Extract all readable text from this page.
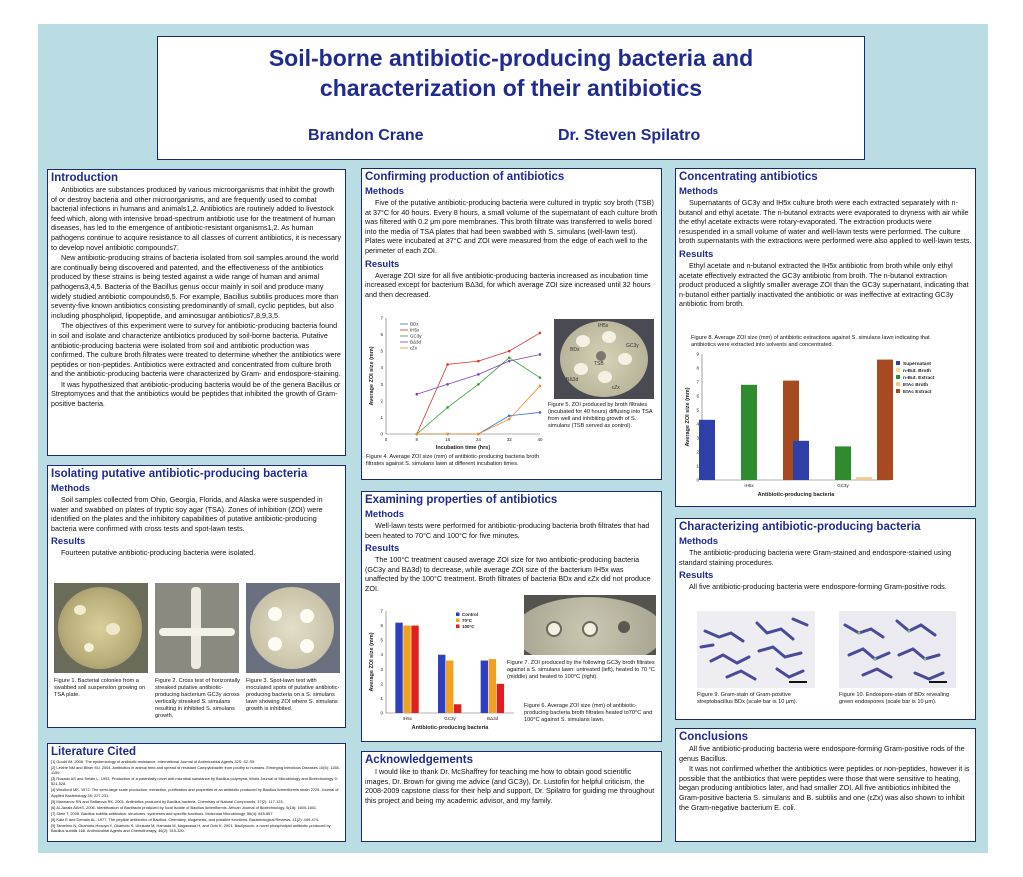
Soil-borne antibiotic-producing bacteria and
characterization of their antibiotics
Brandon Crane	Dr. Steven Spilatro
Introduction
Antibiotics are substances produced by various microorganisms that inhibit the growth of or destroy bacteria and other microorganisms, and are frequently used to combat bacterial infections in humans and animals1,2. Antibiotics are routinely added to livestock feed which, along with intensive broad-spectrum antibiotic use for the treatment of human diseases, has led to the emergence of antibiotic-resistant organisms1,2. As human pathogens continue to acquire resistance to all classes of current antibiotics, it is necessary to develop novel antibiotic compounds7.
New antibiotic-producing strains of bacteria isolated from soil samples around the world are continually being discovered and patented, and the effectiveness of the antibiotics produced by these strains is being tested against a wide range of human and animal pathogens3,4,5. Bacteria of the Bacillus genus occur mainly in soil and produce many widely studied antibiotic compounds6,5. For example, Bacillus subtilis produces more than seventy-five known antibiotics consisting predominantly of small, cyclic peptides, but also including phospholipid, lipopeptide, and aminosugar antibiotics7,8,9,3,5.
The objectives of this experiment were to survey for antibiotic-producing bacteria found in soil and isolate and characterize antibiotics produced by soil-borne bacteria. Putative antibiotic-producing bacteria were isolated from soil and antibiotic production was confirmed. The culture broth filtrates were treated to determine whether the antibiotics were peptides or non-peptides. Antibiotics were extracted and concentrated from culture broth and the antibiotic-producing bacteria were characterized by Gram- and endospore-staining.
It was hypothesized that antibiotic-producing bacteria would be of the genera Bacillus or Streptomyces and that the antibiotics would be peptides that inhibited the growth of Gram-positive bacteria.
Isolating putative antibiotic-producing bacteria
Methods
Soil samples collected from Ohio, Georgia, Florida, and Alaska were suspended in water and swabbed on plates of tryptic soy agar (TSA). Zones of inhibition (ZOI) were identified on the plates and the inhibitory capabilities of putative antibiotic-producing bacteria were confirmed with cross tests and spot-lawn tests.
Results
Fourteen putative antibiotic-producing bacteria were isolated.
Figure 1. Bacterial colonies from a swabbed soil suspension growing on TSA plate.
Figure 2. Cross test of horizontally streaked putative antibiotic-producing bacterium GC3y across vertically streaked S. simulans resulting in inhibited S. simulans growth.
Figure 3. Spot-lawn test with inoculated spots of putative antibiotic-producing bacteria on a S. simulans lawn showing ZOI where S. simulans growth is inhibited.
Literature Cited
[1] Gould IM. 2008. The epidemiology of antibiotic resistance. International Journal of Antimicrobial Agents 32S: S2-S9.
[2] Levine NM and Bliser MJ. 2004. Antibiotics in animal feed and spread of resistant Campylobacter from poultry to humans. Emerging Infectious Diseases 10(6): 1158-1159.
[3] Rosado AS and Seldin L. 1993. Production of a potentially novel anti-microbial substance by Bacillus polymyxa. World Journal of Microbiology and Biotechnology 9: 521-528.
[4] Woolford MK. 1972. The semi-large scale production, extraction, purification and properties of an antibiotic produced by Bacillus licheniformis strain 2725. Journal of Applied Bacteriology 35: 227-231.
[5] Mannanov RN and Sattarova RK. 2001. Antibiotics produced by Bacillus bacteria. Chemistry of Natural Compounds, 37(2): 117-123.
[6] Al-Janabi AAHS. 2006. Identification of Bacitracin produced by local isolate of Bacillus licheniformis. African Journal of Biotechnology, 5(18): 1600-1601.
[7] Stein T. 2005. Bacillus subtilis antibiotics: structures, syntheses and specific functions. Molecular Microbiology, 56(4): 845-857.
[8] Katz E and Demain AL. 1977. The peptide antibiotics of Bacillus: Chemistry, biogenesis, and possible functions. Bacteriological Reviews, 41(2): 449-474.
[9] Tamehiro N, Okamoto-Hosoya Y, Okamoto S, Ubukata M, Hamada M, Naganawa H, and Ochi K. 2001. Bacilysocin, a novel phospholipid antibiotic produced by Bacillus subtilis 168. Antimicrobial Agents and Chemotherapy, 46(2): 315-320.
Confirming production of antibiotics
Methods
Five of the putative antibiotic-producing bacteria were cultured in tryptic soy broth (TSB) at 37°C for 40 hours. Every 8 hours, a small volume of the supernatant of each culture broth was filtered with 0.2 μm pore membranes. This broth filtrate was transferred to wells bored into the media of TSA plates that had been swabbed with S. simulans (well-lawn test). Plates were incubated at 37°C and ZOI were measured from the edge of each well to the perimeter of each ZOI.
Results
Average ZOI size for all five antibiotic-producing bacteria increased as incubation time increased except for bacterium BΔ3d, for which average ZOI size increased until 32 hours and then decreased.
0
1
2
3
4
5
6
7
Average ZOI size (mm)
0	8	16	24	32	40
Incubation time (hrs)
BDx
IH5x
GC3y
BΔ3d
εZx	BDx
IH5x
GC3y
BΔ3d
εZx
TSB
Figure 5. ZOI produced by broth filtrates (incubated for 40 hours) diffusing into TSA from well and inhibiting growth of S. simulans (TSB served as control).
Figure 4. Average ZOI size (mm) of antibiotic-producing bacteria broth filtrates against S. simulans lawn at different incubation times.
Examining properties of antibiotics
Methods
Well-lawn tests were performed for antibiotic-producing bacteria broth filtrates that had been heated to 70°C and 100°C for five minutes.
Results
The 100°C treatment caused average ZOI size for two antibiotic-producing bacteria (GC3y and BΔ3d) to decrease, while average ZOI size of the bacterium IH5x was unaffected by the 100°C treatment. Broth filtrates of bacteria BDx and εZx did not produce ZOI.
0
1
2
3
4
5
6
7
Average ZOI size (mm)
IH5x	GC3y	BΔ3d
Antibiotic-producing bacteria
Control
70°C
100°C
Figure 7. ZOI produced by the following GC3y broth filtrates against a S. simulans lawn: untreated (left), heated to 70 °C (middle) and heated to 100°C (right).
Figure 6. Average ZOI size (mm) of antibiotic-producing bacteria broth filtrates heated to70°C and 100°C against S. simulans lawn.
Acknowledgements
I would like to thank Dr. McShaffrey for teaching me how to obtain good scientific images, Dr. Brown for giving me advice (and GC3y), Dr. Lustofin for helpful criticism, the 2008-2009 capstone class for their help and support, Dr. Spilatro for guiding me throughout this project and being my academic advisor, and my family.
Concentrating antibiotics
Methods
Supernatants of GC3y and IH5x culture broth were each extracted separately with n-butanol and ethyl acetate. The n-butanol extracts were evaporated to dryness with air while the ethyl acetate extracts were rotary-evaporated. The extraction products were resuspended in a small volume of water and well-lawn tests were performed. The culture broth supernatants with the extractions were performed were also applied to well-lawn tests.
Results
Ethyl acetate and n-butanol extracted the IH5x antibiotic from broth while only ethyl acetate effectively extracted the GC3y antibiotic from broth. The n-butanol extraction product produced a slightly smaller average ZOI than the GC3y supernatant, indicating that n-butanol either partially inactivated the antibiotic or was ineffective at extracting GC3y antibiotic from broth.
Figure 8. Average ZOI size (mm) of antibiotic extractions against S. simulans lawn indicating that antibiotics were extracted into solvents and concentrated.
0
1
2
3
4
5
6
7
8
9
Average ZOI size (mm)
IH5x	GC3y
Antibiotic-producing bacteria
Supernatant
n-But. Broth
n-But. Extract
EtAc Broth
EtAc Extract
Characterizing antibiotic-producing bacteria
Methods
The antibiotic-producing bacteria were Gram-stained and endospore-stained using standard staining procedures.
Results
All five antibiotic-producing bacteria were endospore-forming Gram-positive rods.
Figure 9. Gram-stain of Gram-positive streptobacillus BDx (scale bar is 10 μm).
Figure 10. Endospore-stain of BDx revealing green endospores (scale bar is 10 μm).
Conclusions
All five antibiotic-producing bacteria were endospore-forming Gram-positive rods of the genus Bacillus.
It was not confirmed whether the antibiotics were peptides or non-peptides, however it is possible that the antibiotics that were peptides were those that were sensitive to heating, began producing antibiotics later, and had smaller ZOI. All five antibiotics inhibited the Gram-positive bacteria S. simulans and B. subtilis and one (εZx) was also shown to inhibit the Gram-negative bacterium E. coli.
